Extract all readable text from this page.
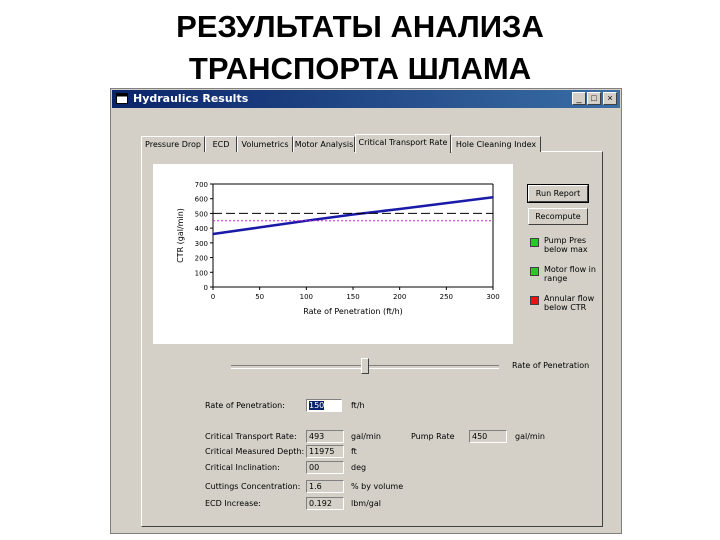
РЕЗУЛЬТАТЫ АНАЛИЗА
ТРАНСПОРТА ШЛАМА
Hydraulics Results	_	□	×
Pressure Drop	ECD	Volumetrics Motor Analysis Critical Transport Rate	Hole Cleaning Index
0
100
200
300
400
500
600
700
0	50	100	150	200	250	300
Rate of Penetration (ft/h)
CTR (gal/min)
Run Report
Recompute
Pump Pres below max
Motor flow in range
Annular flow below CTR
Rate of Penetration
Rate of Penetration:	150	ft/h
Critical Transport Rate:	493	gal/min	Pump Rate	450	gal/min
Critical Measured Depth: 11975	ft
Critical Inclination:	00	deg
Cuttings Concentration:	1.6	% by volume
ECD Increase:	0.192	lbm/gal
